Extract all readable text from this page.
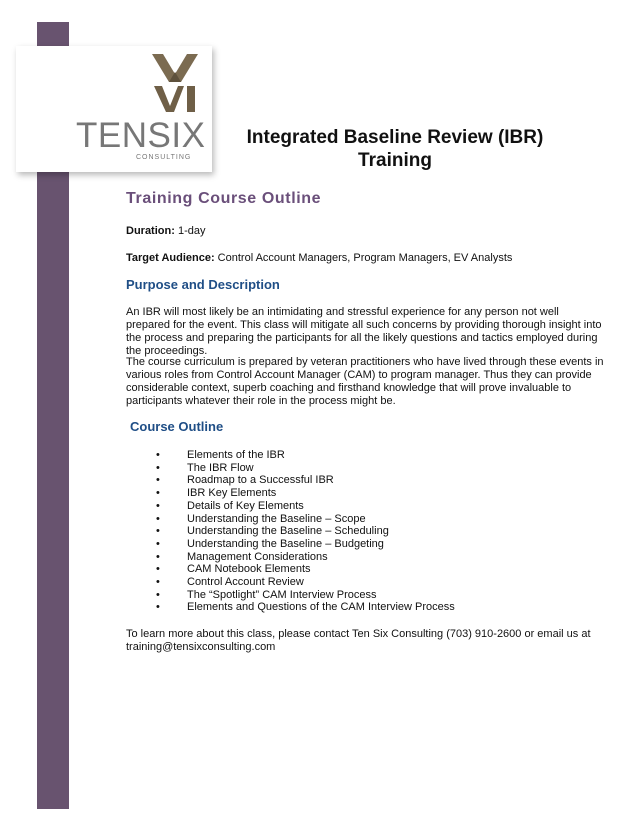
TENSIX
CONSULTING
Integrated Baseline Review (IBR)
Training
Training Course Outline

Duration: 1-day

Target Audience: Control Account Managers, Program Managers, EV Analysts

Purpose and Description

An IBR will most likely be an intimidating and stressful experience for any person not well prepared for the event. This class will mitigate all such concerns by providing thorough insight into the process and preparing the participants for all the likely questions and tactics employed during the proceedings.

The course curriculum is prepared by veteran practitioners who have lived through these events in various roles from Control Account Manager (CAM) to program manager. Thus they can provide considerable context, superb coaching and firsthand knowledge that will prove invaluable to participants whatever their role in the process might be.

Course Outline
• Elements of the IBR
• The IBR Flow
• Roadmap to a Successful IBR
• IBR Key Elements
• Details of Key Elements
• Understanding the Baseline – Scope
• Understanding the Baseline – Scheduling
• Understanding the Baseline – Budgeting
• Management Considerations
• CAM Notebook Elements
• Control Account Review
• The “Spotlight” CAM Interview Process
• Elements and Questions of the CAM Interview Process

To learn more about this class, please contact Ten Six Consulting (703) 910-2600 or email us at training@tensixconsulting.com
